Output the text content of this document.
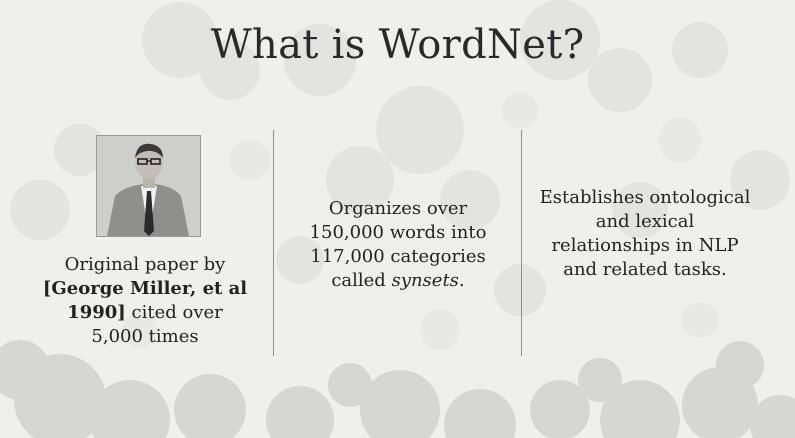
What is WordNet?
Original paper by [George Miller, et al 1990] cited over 5,000 times
Organizes over 150,000 words into 117,000 categories called synsets.
Establishes ontological and lexical relationships in NLP and related tasks.
